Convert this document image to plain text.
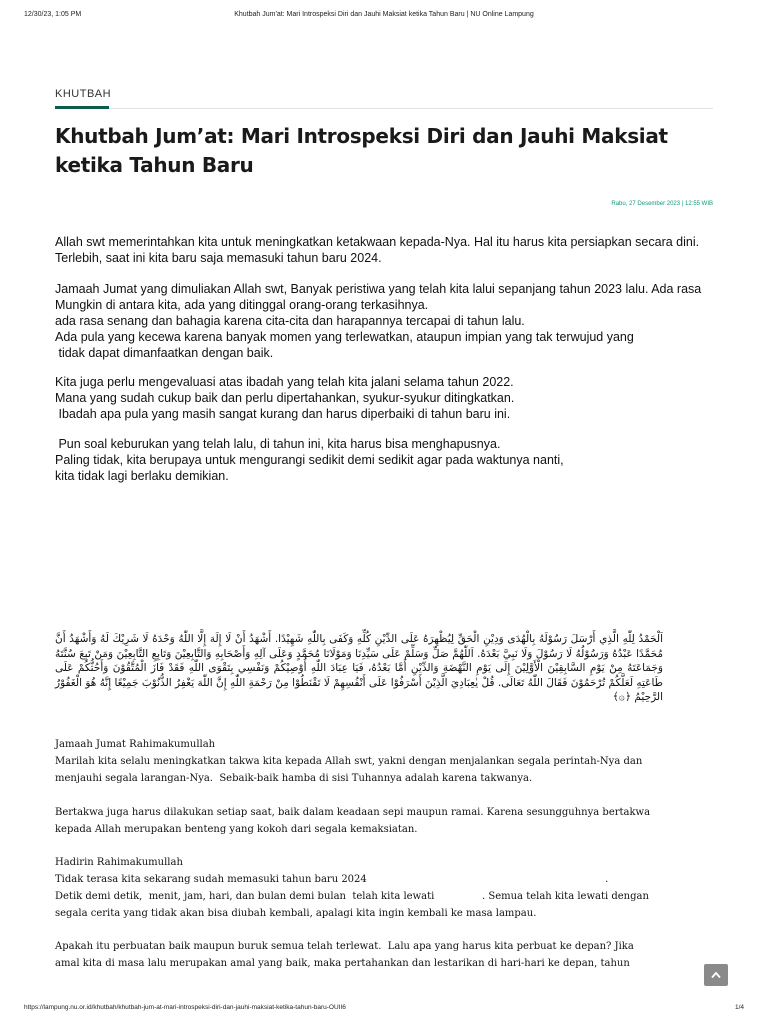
12/30/23, 1:05 PM	Khutbah Jum'at: Mari Introspeksi Diri dan Jauhi Maksiat ketika Tahun Baru | NU Online Lampung
KHUTBAH
Khutbah Jum’at: Mari Introspeksi Diri dan Jauhi Maksiat ketika Tahun Baru
Rabu, 27 Desember 2023 | 12:55 WIB
Allah swt memerintahkan kita untuk meningkatkan ketakwaan kepada-Nya. Hal itu harus kita persiapkan secara dini.
Terlebih, saat ini kita baru saja memasuki tahun baru 2024.
Jamaah Jumat yang dimuliakan Allah swt, Banyak peristiwa yang telah kita lalui sepanjang tahun 2023 lalu. Ada rasa
Mungkin di antara kita, ada yang ditinggal orang-orang terkasihnya.
ada rasa senang dan bahagia karena cita-cita dan harapannya tercapai di tahun lalu.
Ada pula yang kecewa karena banyak momen yang terlewatkan, ataupun impian yang tak terwujud yang
tidak dapat dimanfaatkan dengan baik.
Kita juga perlu mengevaluasi atas ibadah yang telah kita jalani selama tahun 2022.
Mana yang sudah cukup baik dan perlu dipertahankan, syukur-syukur ditingkatkan.
Ibadah apa pula yang masih sangat kurang dan harus diperbaiki di tahun baru ini.
Pun soal keburukan yang telah lalu, di tahun ini, kita harus bisa menghapusnya.
Paling tidak, kita berupaya untuk mengurangi sedikit demi sedikit agar pada waktunya nanti,
kita tidak lagi berlaku demikian.
اَلْحَمْدُ لِلّٰهِ الَّذِي أَرْسَلَ رَسُوْلَهُ بِالْهُدَى وَدِيْنِ الْحَقِّ لِيُظْهِرَهُ عَلَى الدِّيْنِ كُلِّهِ وَكَفَى بِاللّٰهِ شَهِيْدًا. أَشْهَدُ أَنْ لَا إِلَهَ إِلَّا اللّٰهُ وَحْدَهُ لَا شَرِيْكَ لَهُ وَأَشْهَدُ أَنَّ مُحَمَّدًا عَبْدُهُ وَرَسُوْلُهُ لَا رَسُوْلَ وَلَا نَبِيَّ بَعْدَهُ. اَللّٰهُمَّ صَلِّ وَسَلِّمْ عَلَى سَيِّدِنَا وَمَوْلَانَا مُحَمَّدٍ وَعَلَى آلِهِ وَأَصْحَابِهِ وَالتَّابِعِيْنَ وَتَابِعِ التَّابِعِيْنَ وَمَنْ تَبِعَ سُنَّتَهُ وَجَمَاعَتَهُ مِنْ يَوْمِ السَّابِقِيْنَ الْأَوَّلِيْنَ إِلَى يَوْمِ النَّهْضَةِ وَالدِّيْنِ أَمَّا بَعْدُهُ، فَيَا عِبَادَ اللّٰهِ أُوْصِيْكُمْ وَنَفْسِي بِتَقْوَى اللّٰهِ فَقَدْ فَازَ الْمُتَّقُوْنَ وَأَحُثُّكُمْ عَلَى طَاعَتِهِ لَعَلَّكُمْ تُرْحَمُوْنَ فَقَالَ اللّٰهُ تَعَالَى. قُلْ يٰعِبَادِيَ الَّذِيْنَ أَسْرَفُوْا عَلَى أَنْفُسِهِمْ لَا تَقْنَطُوْا مِنْ رَحْمَةِ اللّٰهِ إِنَّ اللّٰهَ يَغْفِرُ الذُّنُوْبَ جَمِيْعًا إِنَّهُ هُوَ الْغَفُوْرُ الرَّحِيْمُ ﴿۞﴾
Jamaah Jumat Rahimakumullah
Marilah kita selalu meningkatkan takwa kita kepada Allah swt, yakni dengan menjalankan segala perintah-Nya dan
menjauhi segala larangan-Nya.  Sebaik-baik hamba di sisi Tuhannya adalah karena takwanya.
Bertakwa juga harus dilakukan setiap saat, baik dalam keadaan sepi maupun ramai. Karena sesungguhnya bertakwa
kepada Allah merupakan benteng yang kokoh dari segala kemaksiatan.
Hadirin Rahimakumullah
Tidak terasa kita sekarang sudah memasuki tahun baru 2024                                                                           .
Detik demi detik,  menit, jam, hari, dan bulan demi bulan  telah kita lewati               . Semua telah kita lewati dengan
segala cerita yang tidak akan bisa diubah kembali, apalagi kita ingin kembali ke masa lampau.
Apakah itu perbuatan baik maupun buruk semua telah terlewat.  Lalu apa yang harus kita perbuat ke depan? Jika
amal kita di masa lalu merupakan amal yang baik, maka pertahankan dan lestarikan di hari-hari ke depan, tahun
https://lampung.nu.or.id/khutbah/khutbah-jum-at-mari-introspeksi-diri-dan-jauhi-maksiat-ketika-tahun-baru-OUII6	1/4
